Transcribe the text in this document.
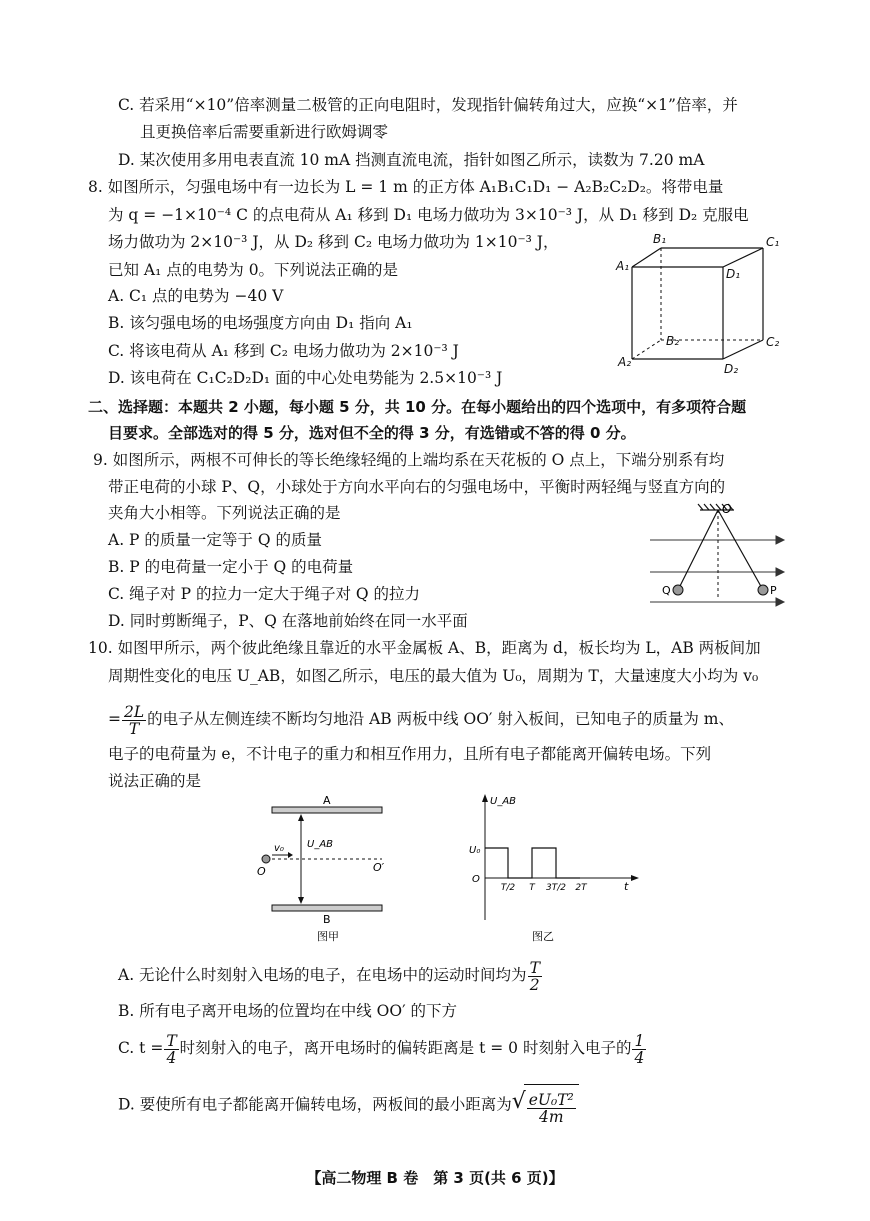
C. 若采用“×10”倍率测量二极管的正向电阻时，发现指针偏转角过大，应换“×1”倍率，并
且更换倍率后需要重新进行欧姆调零
D. 某次使用多用电表直流 10 mA 挡测直流电流，指针如图乙所示，读数为 7.20 mA
8. 如图所示，匀强电场中有一边长为 L = 1 m 的正方体 A₁B₁C₁D₁ − A₂B₂C₂D₂。将带电量
为 q = −1×10⁻⁴ C 的点电荷从 A₁ 移到 D₁ 电场力做功为 3×10⁻³ J，从 D₁ 移到 D₂ 克服电
场力做功为 2×10⁻³ J，从 D₂ 移到 C₂ 电场力做功为 1×10⁻³ J，
已知 A₁ 点的电势为 0。下列说法正确的是
A. C₁ 点的电势为 −40 V
B. 该匀强电场的电场强度方向由 D₁ 指向 A₁
C. 将该电荷从 A₁ 移到 C₂ 电场力做功为 2×10⁻³ J
D. 该电荷在 C₁C₂D₂D₁ 面的中心处电势能为 2.5×10⁻³ J
B₁	C₁
A₁
D₁
B₂	C₂
A₂	D₂
二、选择题：本题共 2 小题，每小题 5 分，共 10 分。在每小题给出的四个选项中，有多项符合题
目要求。全部选对的得 5 分，选对但不全的得 3 分，有选错或不答的得 0 分。
9. 如图所示，两根不可伸长的等长绝缘轻绳的上端均系在天花板的 O 点上，下端分别系有均
带正电荷的小球 P、Q，小球处于方向水平向右的匀强电场中，平衡时两轻绳与竖直方向的
夹角大小相等。下列说法正确的是
A. P 的质量一定等于 Q 的质量
B. P 的电荷量一定小于 Q 的电荷量
C. 绳子对 P 的拉力一定大于绳子对 Q 的拉力
D. 同时剪断绳子，P、Q 在落地前始终在同一水平面
O
Q	P
10. 如图甲所示，两个彼此绝缘且靠近的水平金属板 A、B，距离为 d，板长均为 L，AB 两板间加
周期性变化的电压 U_AB，如图乙所示，电压的最大值为 U₀，周期为 T，大量速度大小均为 v₀
= $\frac{2L}{T}$ 的电子从左侧连续不断均匀地沿 AB 两板中线 OO′ 射入板间，已知电子的质量为 m、
电子的电荷量为 e，不计电子的重力和相互作用力，且所有电子都能离开偏转电场。下列
说法正确的是
A
B
v₀ U_AB
O	O′
图甲
U_AB
U₀
O
t
T/2 T 3T/2 2T
图乙
A. 无论什么时刻射入电场的电子，在电场中的运动时间均为 $\frac{T}{2}$
B. 所有电子离开电场的位置均在中线 OO′ 的下方
C. $t = \frac{T}{4}$ 时刻射入的电子，离开电场时的偏转距离是 t = 0 时刻射入电子的 $\frac{1}{4}$
D. 要使所有电子都能离开偏转电场，两板间的最小距离为 √ $\frac{\text{eU₀T²}}{4m}$
【高二物理 B 卷　第 3 页(共 6 页)】
